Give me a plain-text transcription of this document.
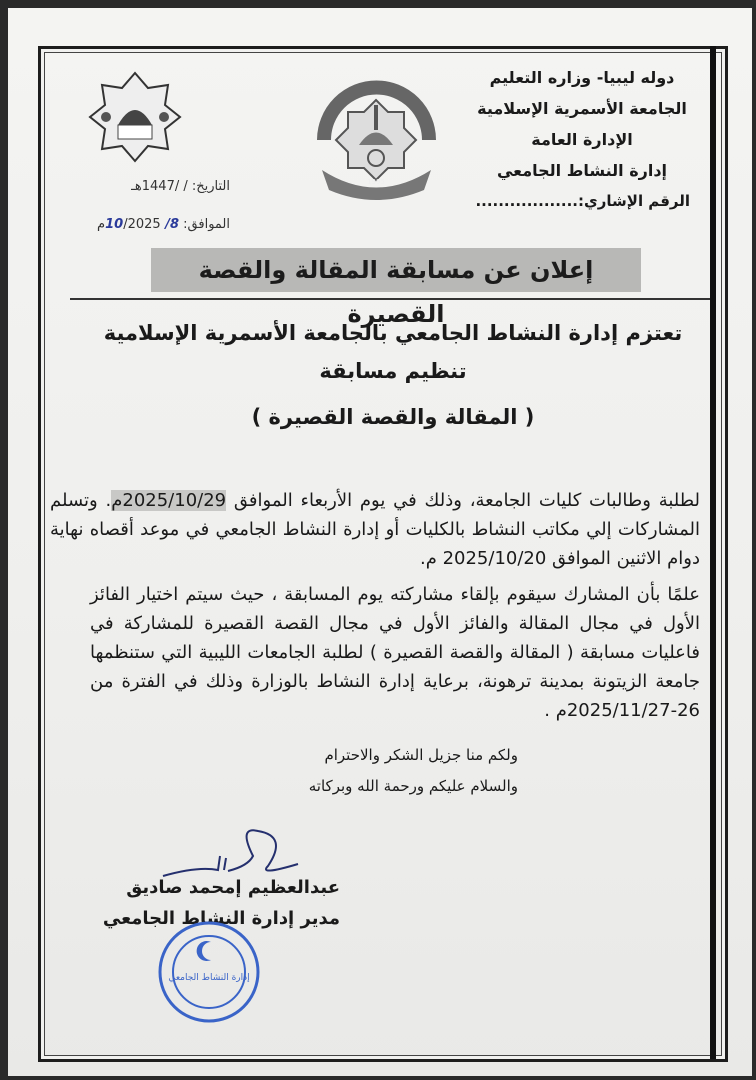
دوله ليبيا- وزاره التعليم
الجامعة الأسمرية الإسلامية
الإدارة العامة
إدارة النشاط الجامعي
الرقم الإشاري:..................
1995
التاريخ: / /1447هـ
الموافق: 8/ 10/2025م
إعلان عن مسابقة المقالة والقصة القصيرة
تعتزم إدارة النشاط الجامعي بالجامعة الأسمرية الإسلامية
تنظيم مسابقة
( المقالة والقصة القصيرة )
لطلبة وطالبات كليات الجامعة، وذلك في يوم الأربعاء الموافق 2025/10/29م. وتسلم المشاركات إلي مكاتب النشاط بالكليات أو إدارة النشاط الجامعي في موعد أقصاه نهاية دوام الاثنين الموافق 2025/10/20 م.
علمًا بأن المشارك سيقوم بإلقاء مشاركته يوم المسابقة ، حيث سيتم اختيار الفائز الأول في مجال المقالة والفائز الأول في مجال القصة القصيرة للمشاركة في فاعليات مسابقة ( المقالة والقصة القصيرة ) لطلبة الجامعات الليبية التي ستنظمها جامعة الزيتونة بمدينة ترهونة، برعاية إدارة النشاط بالوزارة وذلك في الفترة من 26-2025/11/27م .
ولكم منا جزيل الشكر والاحترام
والسلام عليكم ورحمة الله وبركاته
عبدالعظيم إمحمد صاديق
مدير إدارة النشاط الجامعي
إدارة النشاط الجامعي
